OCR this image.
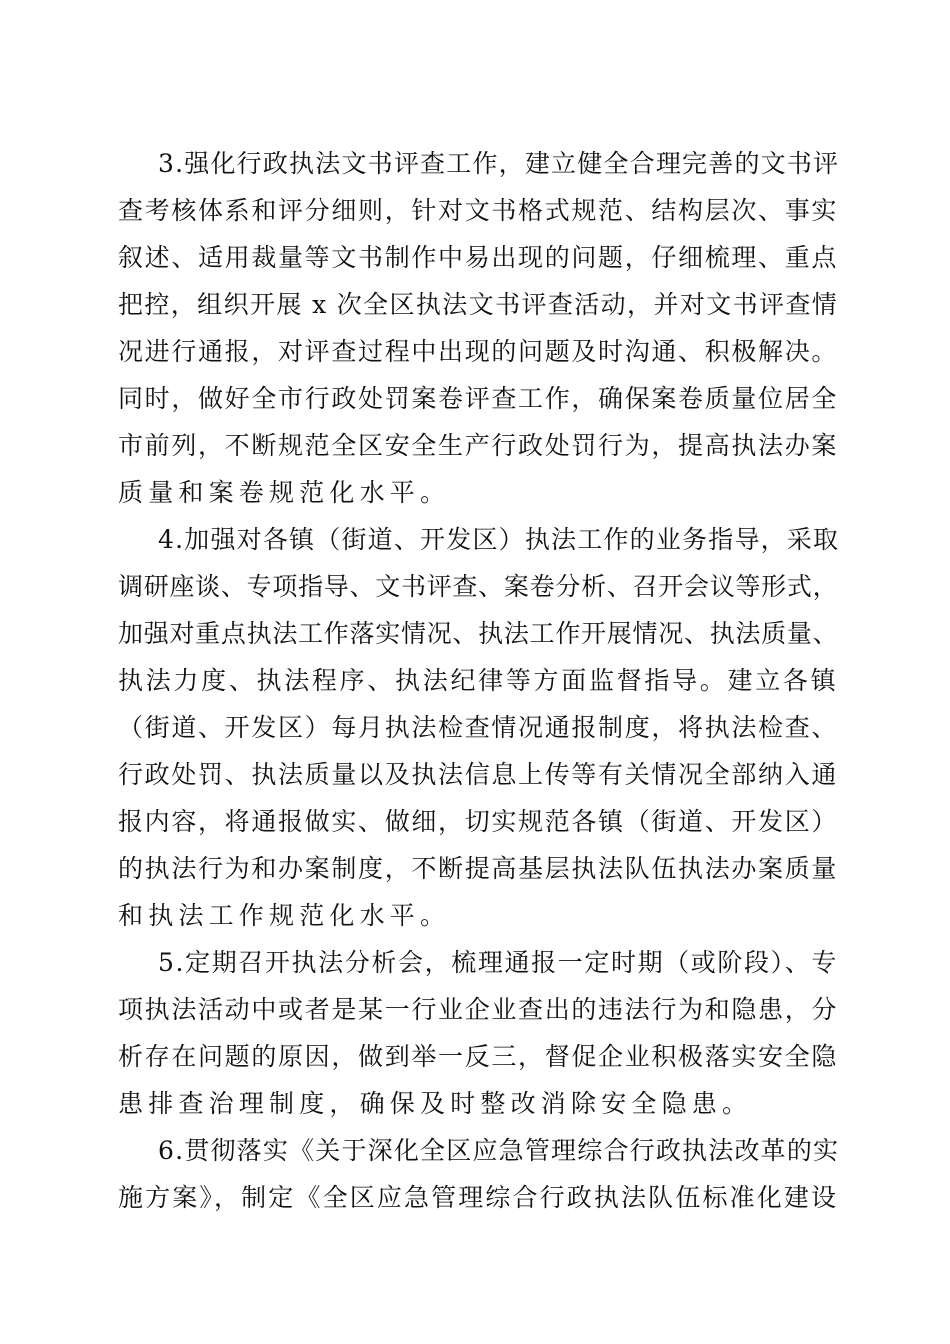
3.强化行政执法文书评查工作，建立健全合理完善的文书评
查考核体系和评分细则，针对文书格式规范、结构层次、事实
叙述、适用裁量等文书制作中易出现的问题，仔细梳理、重点
把控，组织开展 x 次全区执法文书评查活动，并对文书评查情
况进行通报，对评查过程中出现的问题及时沟通、积极解决。
同时，做好全市行政处罚案卷评查工作，确保案卷质量位居全
市前列，不断规范全区安全生产行政处罚行为，提高执法办案
质量和案卷规范化水平。
4.加强对各镇（街道、开发区）执法工作的业务指导，采取
调研座谈、专项指导、文书评查、案卷分析、召开会议等形式，
加强对重点执法工作落实情况、执法工作开展情况、执法质量、
执法力度、执法程序、执法纪律等方面监督指导。建立各镇
（街道、开发区）每月执法检查情况通报制度，将执法检查、
行政处罚、执法质量以及执法信息上传等有关情况全部纳入通
报内容，将通报做实、做细，切实规范各镇（街道、开发区）
的执法行为和办案制度，不断提高基层执法队伍执法办案质量
和执法工作规范化水平。
5.定期召开执法分析会，梳理通报一定时期（或阶段）、专
项执法活动中或者是某一行业企业查出的违法行为和隐患，分
析存在问题的原因，做到举一反三，督促企业积极落实安全隐
患排查治理制度，确保及时整改消除安全隐患。
6.贯彻落实《关于深化全区应急管理综合行政执法改革的实
施方案》，制定《全区应急管理综合行政执法队伍标准化建设
